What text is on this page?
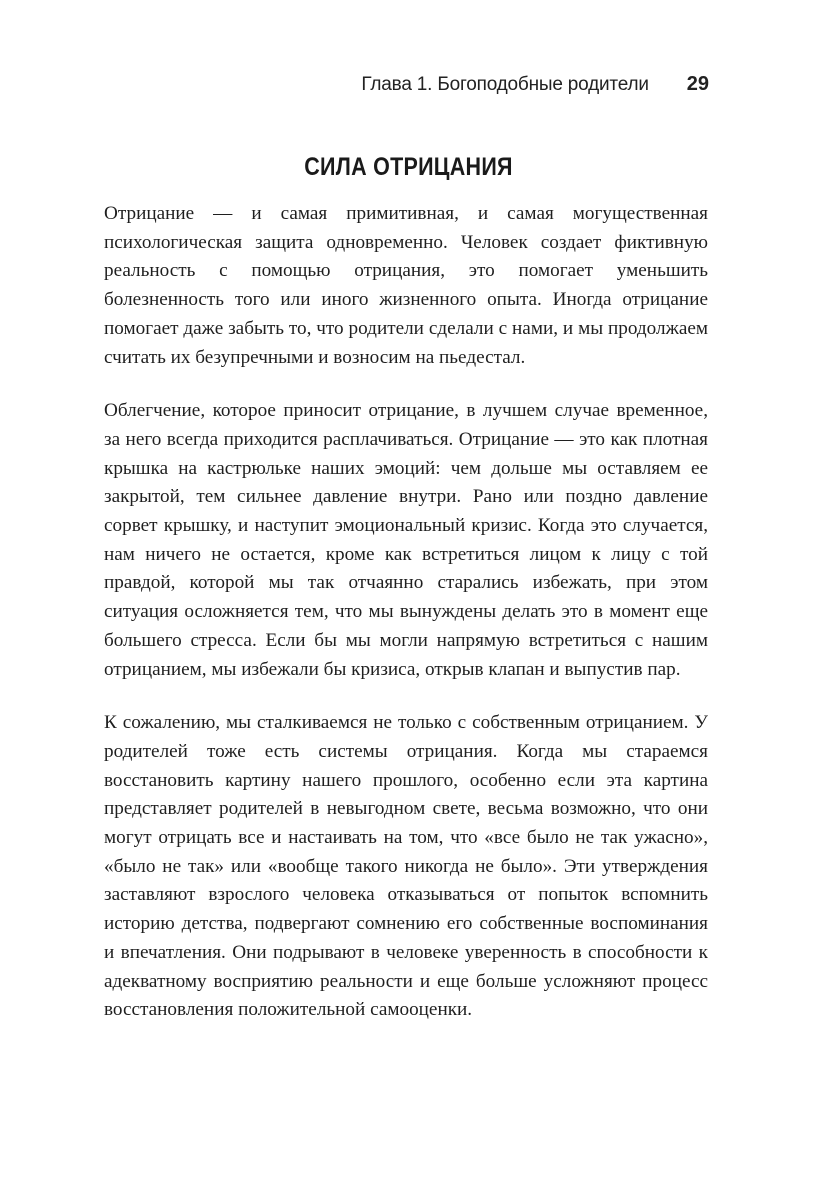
Глава 1. Богоподобные родители 29
СИЛА ОТРИЦАНИЯ

Отрицание — и самая примитивная, и самая могущественная психологическая защита одновременно. Человек создает фиктивную реальность с помощью отрицания, это помогает уменьшить болезненность того или иного жизненного опыта. Иногда отрицание помогает даже забыть то, что родители сделали с нами, и мы продолжаем считать их безупречными и возносим на пьедестал.

Облегчение, которое приносит отрицание, в лучшем случае временное, за него всегда приходится расплачиваться. Отрицание — это как плотная крышка на кастрюльке наших эмоций: чем дольше мы оставляем ее закрытой, тем сильнее давление внутри. Рано или поздно давление сорвет крышку, и наступит эмоциональный кризис. Когда это случается, нам ничего не остается, кроме как встретиться лицом к лицу с той правдой, которой мы так отчаянно старались избежать, при этом ситуация осложняется тем, что мы вынуждены делать это в момент еще большего стресса. Если бы мы могли напрямую встретиться с нашим отрицанием, мы избежали бы кризиса, открыв клапан и выпустив пар.

К сожалению, мы сталкиваемся не только с собственным отрицанием. У родителей тоже есть системы отрицания. Когда мы стараемся восстановить картину нашего прошлого, особенно если эта картина представляет родителей в невыгодном свете, весьма возможно, что они могут отрицать все и настаивать на том, что «все было не так ужасно», «было не так» или «вообще такого никогда не было». Эти утверждения заставляют взрослого человека отказываться от попыток вспомнить историю детства, подвергают сомнению его собственные воспоминания и впечатления. Они подрывают в человеке уверенность в способности к адекватному восприятию реальности и еще больше усложняют процесс восстановления положительной самооценки.
